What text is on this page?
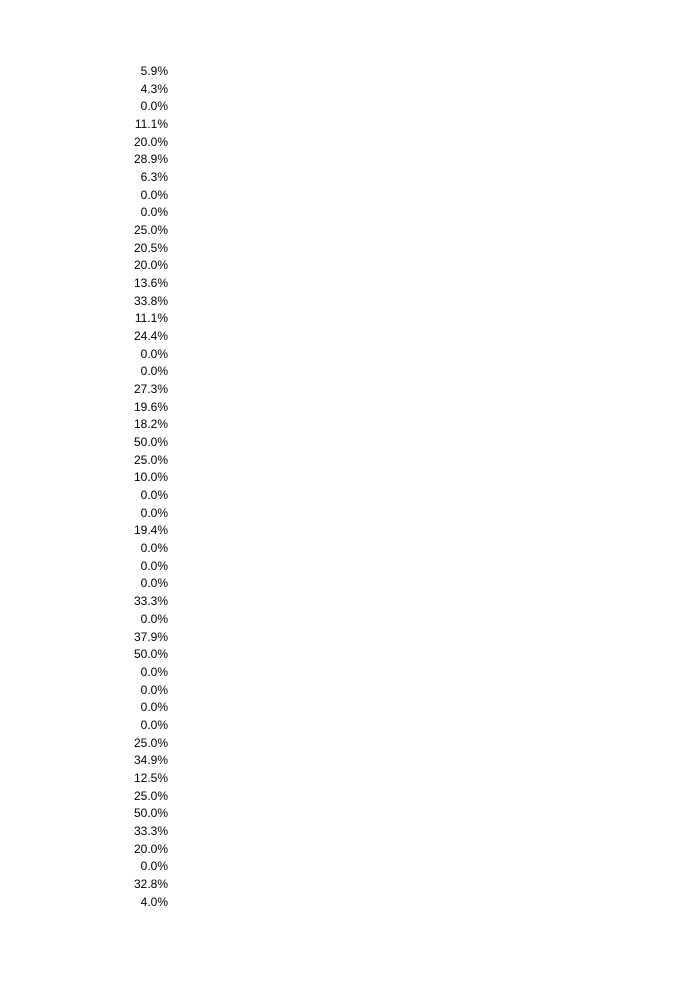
5.9%
4.3%
0.0%
11.1%
20.0%
28.9%
6.3%
0.0%
0.0%
25.0%
20.5%
20.0%
13.6%
33.8%
11.1%
24.4%
0.0%
0.0%
27.3%
19.6%
18.2%
50.0%
25.0%
10.0%
0.0%
0.0%
19.4%
0.0%
0.0%
0.0%
33.3%
0.0%
37.9%
50.0%
0.0%
0.0%
0.0%
0.0%
25.0%
34.9%
12.5%
25.0%
50.0%
33.3%
20.0%
0.0%
32.8%
4.0%
